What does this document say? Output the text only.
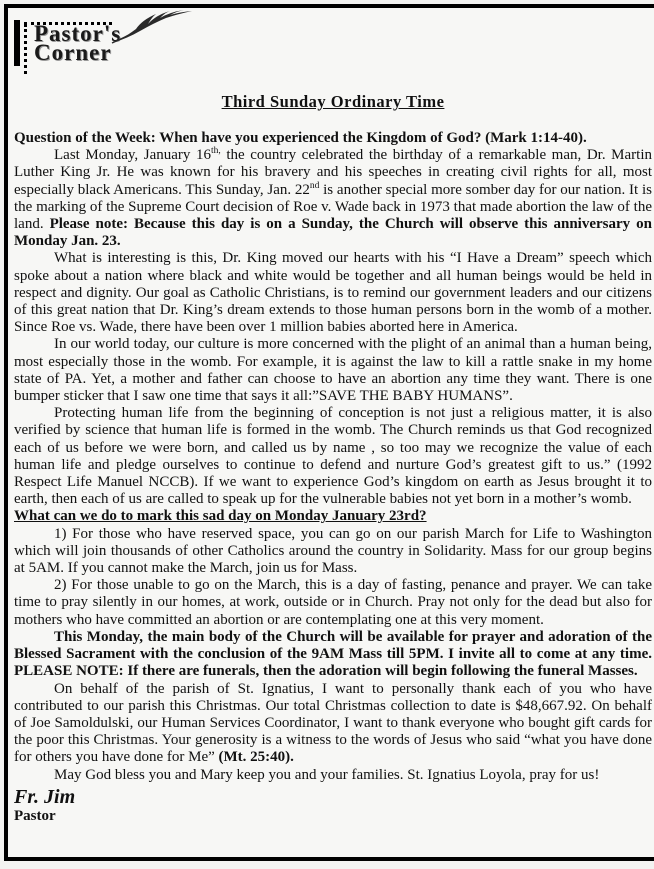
Pastor's
Corner
Third Sunday Ordinary Time

Question of the Week: When have you experienced the Kingdom of God? (Mark 1:14-40).

Last Monday, January $16^{th,}$ the country celebrated the birthday of a remarkable man, Dr. Martin Luther King Jr. He was known for his bravery and his speeches in creating civil rights for all, most especially black Americans. This Sunday, Jan. 22nd is another special more somber day for our nation. It is the marking of the Supreme Court decision of Roe v. Wade back in 1973 that made abortion the law of the land. Please note: Because this day is on a Sunday, the Church will observe this anniversary on Monday Jan. 23.

What is interesting is this, Dr. King moved our hearts with his “I Have a Dream” speech which spoke about a nation where black and white would be together and all human beings would be held in respect and dignity. Our goal as Catholic Christians, is to remind our government leaders and our citizens of this great nation that Dr. King’s dream extends to those human persons born in the womb of a mother. Since Roe vs. Wade, there have been over 1 million babies aborted here in America.

In our world today, our culture is more concerned with the plight of an animal than a human being, most especially those in the womb. For example, it is against the law to kill a rattle snake in my home state of PA. Yet, a mother and father can choose to have an abortion any time they want. There is one bumper sticker that I saw one time that says it all:”SAVE THE BABY HUMANS”.

Protecting human life from the beginning of conception is not just a religious matter, it is also verified by science that human life is formed in the womb. The Church reminds us that God recognized each of us before we were born, and called us by name , so too may we recognize the value of each human life and pledge ourselves to continue to defend and nurture God’s greatest gift to us.” (1992 Respect Life Manuel NCCB). If we want to experience God’s kingdom on earth as Jesus brought it to earth, then each of us are called to speak up for the vulnerable babies not yet born in a mother’s womb.

What can we do to mark this sad day on Monday January 23rd?

1) For those who have reserved space, you can go on our parish March for Life to Washington which will join thousands of other Catholics around the country in Solidarity. Mass for our group begins at 5AM. If you cannot make the March, join us for Mass.

2) For those unable to go on the March, this is a day of fasting, penance and prayer. We can take time to pray silently in our homes, at work, outside or in Church. Pray not only for the dead but also for mothers who have committed an abortion or are contemplating one at this very moment.

This Monday, the main body of the Church will be available for prayer and adoration of the Blessed Sacrament with the conclusion of the 9AM Mass till 5PM. I invite all to come at any time. PLEASE NOTE: If there are funerals, then the adoration will begin following the funeral Masses.

On behalf of the parish of St. Ignatius, I want to personally thank each of you who have contributed to our parish this Christmas. Our total Christmas collection to date is $48,667.92. On behalf of Joe Samoldulski, our Human Services Coordinator, I want to thank everyone who bought gift cards for the poor this Christmas. Your generosity is a witness to the words of Jesus who said “what you have done for others you have done for Me” (Mt. 25:40).

May God bless you and Mary keep you and your families. St. Ignatius Loyola, pray for us!

Fr. Jim
Pastor
